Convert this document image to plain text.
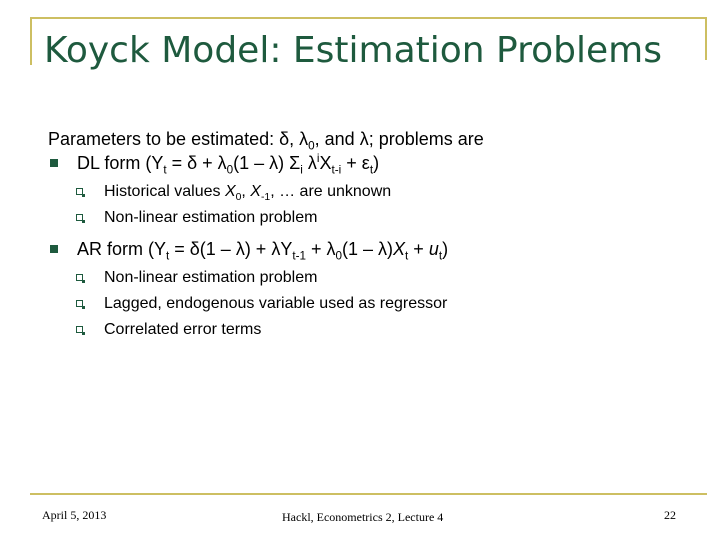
Koyck Model: Estimation Problems

Parameters to be estimated: δ, $\lambda_0$, and λ; problems are

DL form ($Y_t = \delta + \lambda_0(1 - \lambda)$ $\Sigma_i$ $\lambda^iX_{t-i} + \varepsilon_t$)

Historical values $X_0$, $X_{-1}$, … are unknown

Non-linear estimation problem

AR form $(Y_t = \delta(1 - \lambda) + \lambda Y_{t-1} + \lambda_0(1 - \lambda)X_t + u_t)$

Non-linear estimation problem

Lagged, endogenous variable used as regressor

Correlated error terms

April 5, 2013	Hackl, Econometrics 2, Lecture 4	22
